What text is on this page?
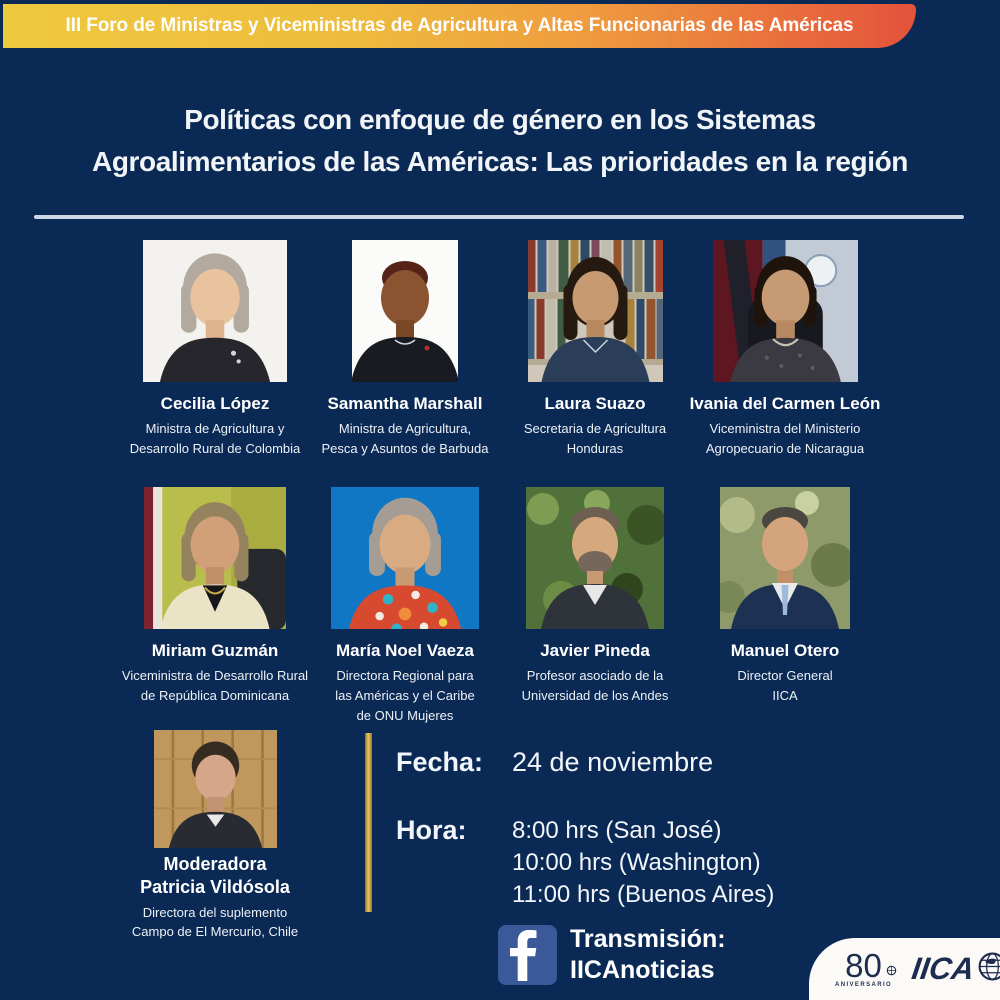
III Foro de Ministras y Viceministras de Agricultura y Altas Funcionarias de las Américas
Políticas con enfoque de género en los Sistemas
Agroalimentarios de las Américas: Las prioridades en la región
Cecilia López
Ministra de Agricultura y
Desarrollo Rural de Colombia
Samantha Marshall
Ministra de Agricultura,
Pesca y Asuntos de Barbuda
Laura Suazo
Secretaria de Agricultura
Honduras
Ivania del Carmen León
Viceministra del Ministerio
Agropecuario de Nicaragua
Miriam Guzmán
Viceministra de Desarrollo Rural
de República Dominicana
María Noel Vaeza
Directora Regional para
las Américas y el Caribe
de ONU Mujeres
Javier Pineda
Profesor asociado de la
Universidad de los Andes
Manuel Otero
Director General
IICA
Moderadora
Patricia Vildósola
Directora del suplemento
Campo de El Mercurio, Chile
Fecha:	24 de noviembre
Hora:	8:00 hrs (San José)
10:00 hrs (Washington)
11:00 hrs (Buenos Aires)
Transmisión:
IICAnoticias	80
ANIVERSARIO IICA
